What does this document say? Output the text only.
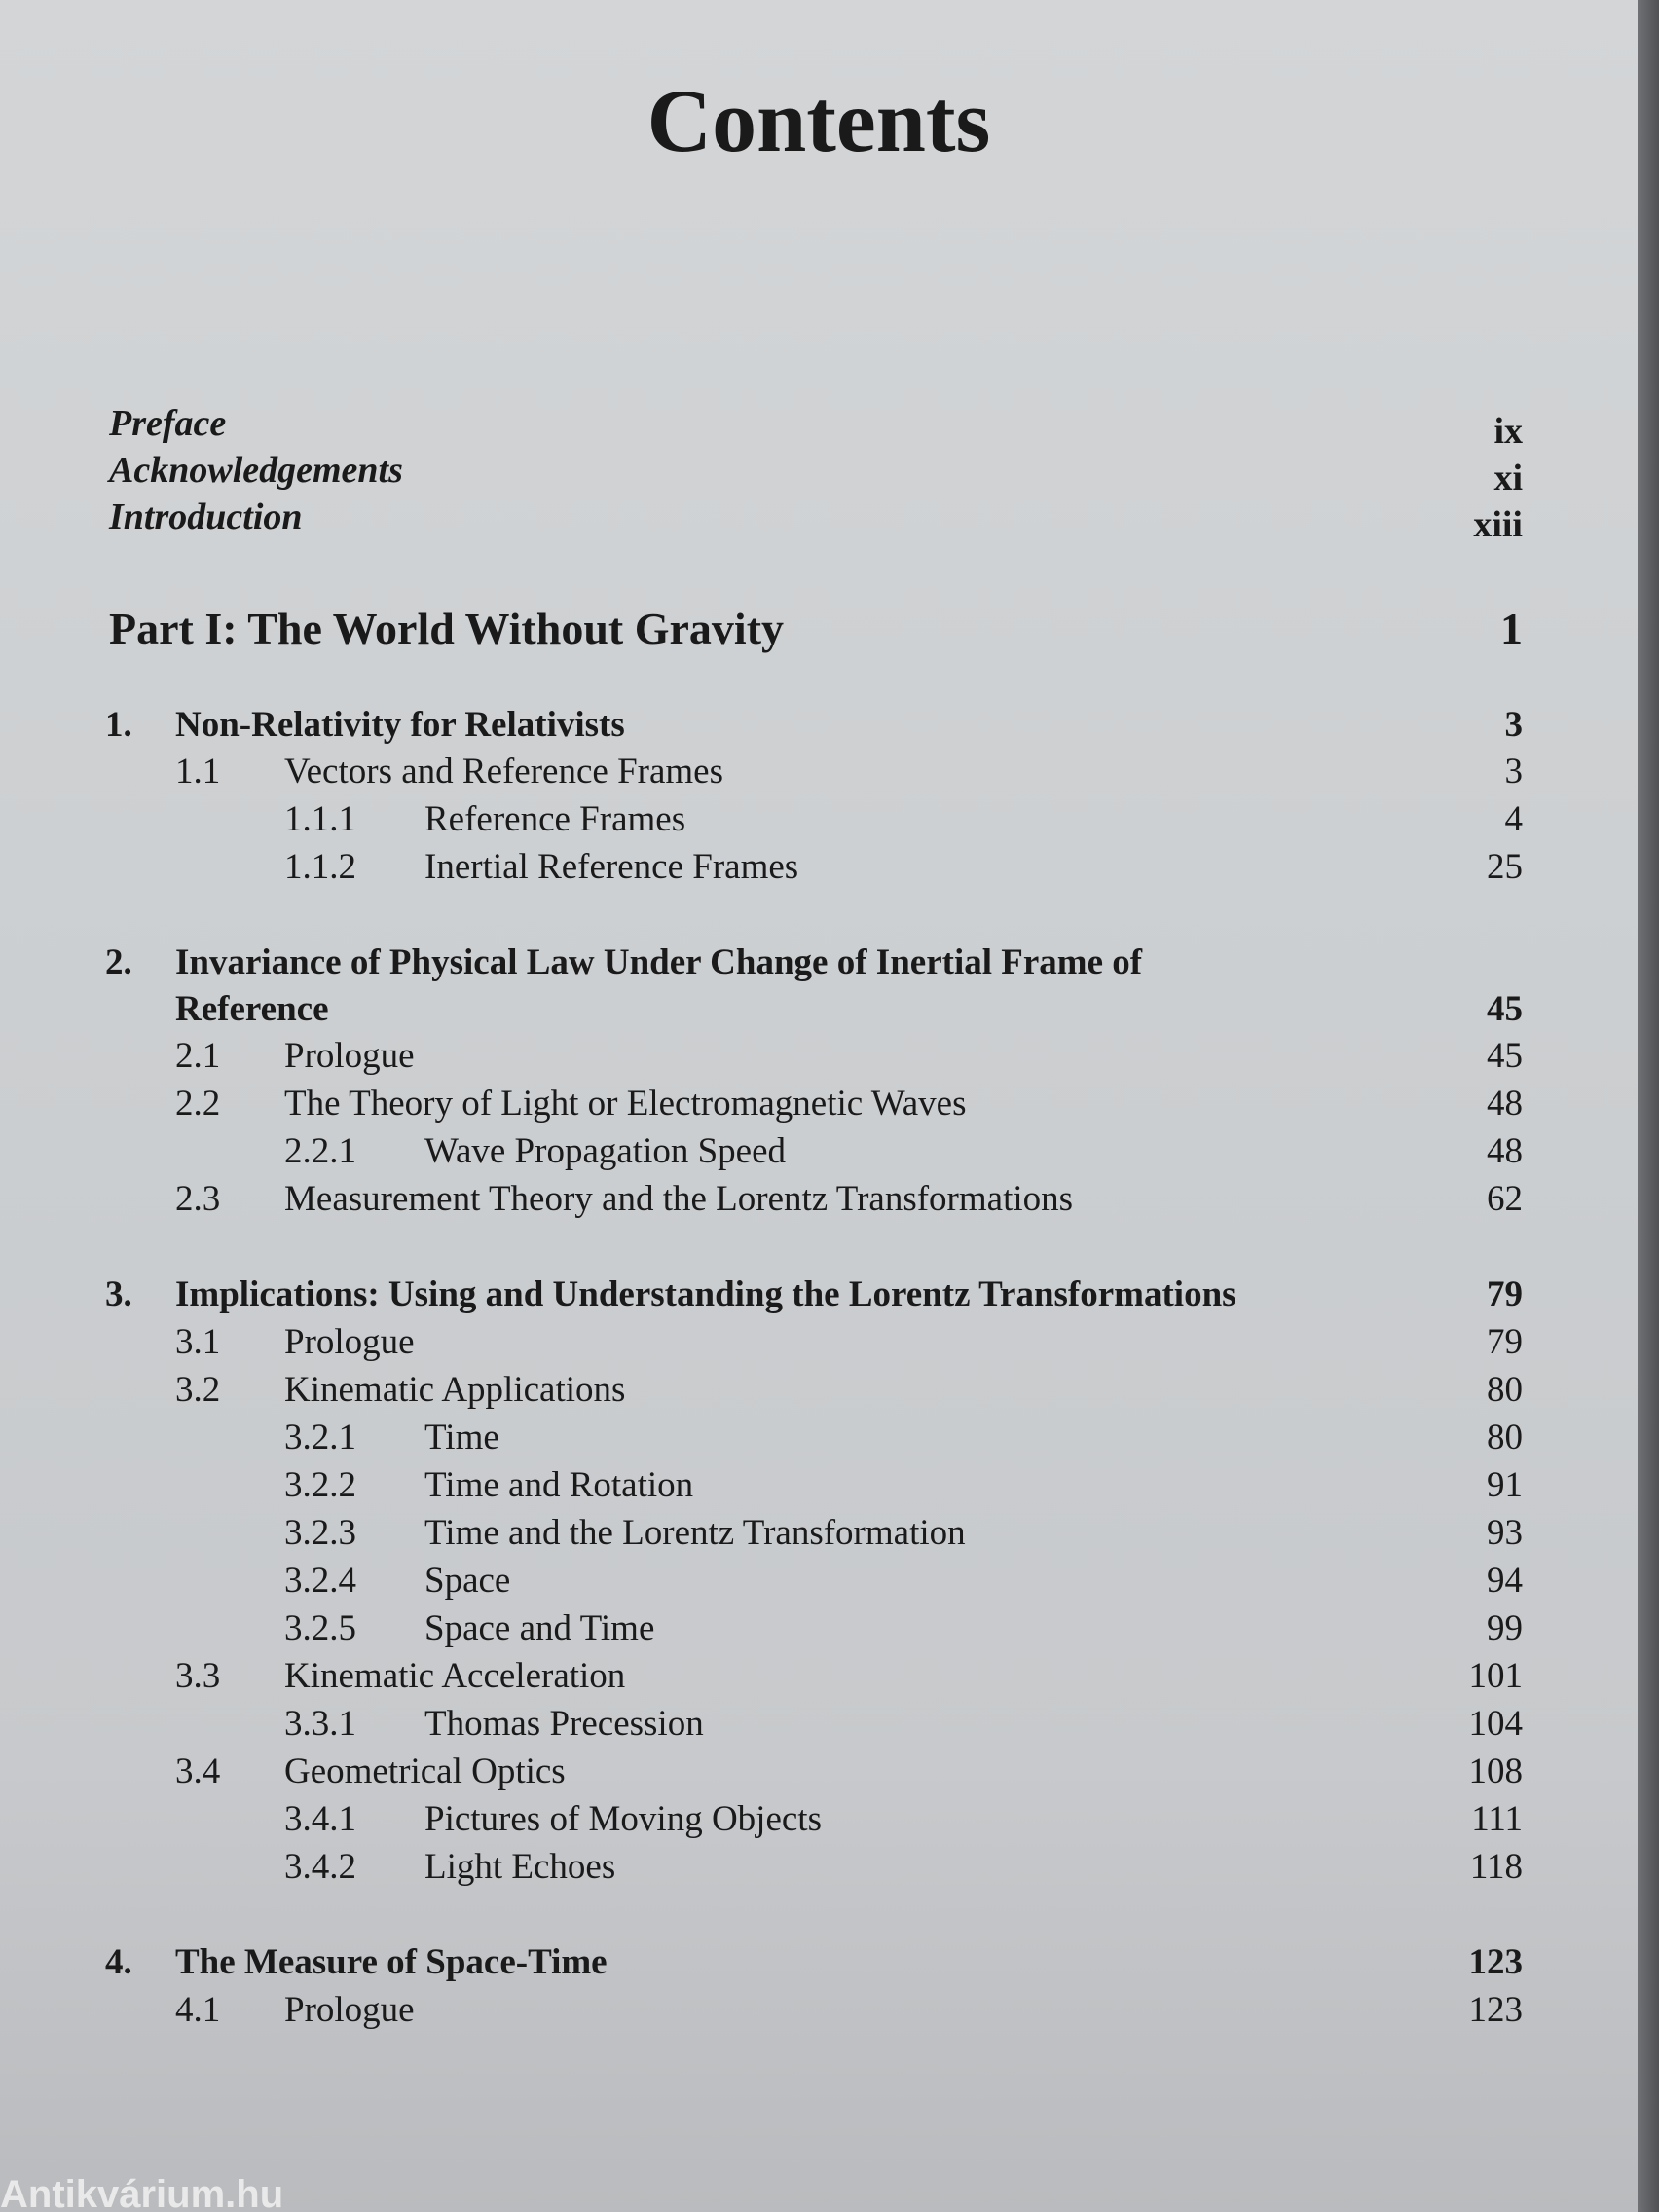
Contents
Preface	ix
Acknowledgements	xi
Introduction	xiii
Part I: The World Without Gravity	1
1. Non-Relativity for Relativists	3
1.1 Vectors and Reference Frames	3
1.1.1 Reference Frames	4
1.1.2 Inertial Reference Frames	25
2. Invariance of Physical Law Under Change of Inertial Frame of
Reference	45
2.1 Prologue	45
2.2 The Theory of Light or Electromagnetic Waves	48
2.2.1 Wave Propagation Speed	48
2.3 Measurement Theory and the Lorentz Transformations	62
3. Implications: Using and Understanding the Lorentz Transformations	79
3.1 Prologue	79
3.2 Kinematic Applications	80
3.2.1 Time	80
3.2.2 Time and Rotation	91
3.2.3 Time and the Lorentz Transformation	93
3.2.4 Space	94
3.2.5 Space and Time	99
3.3 Kinematic Acceleration	101
3.3.1 Thomas Precession	104
3.4 Geometrical Optics	108
3.4.1 Pictures of Moving Objects	111
3.4.2 Light Echoes	118
4. The Measure of Space-Time	123
4.1 Prologue	123
Antikvárium.hu
